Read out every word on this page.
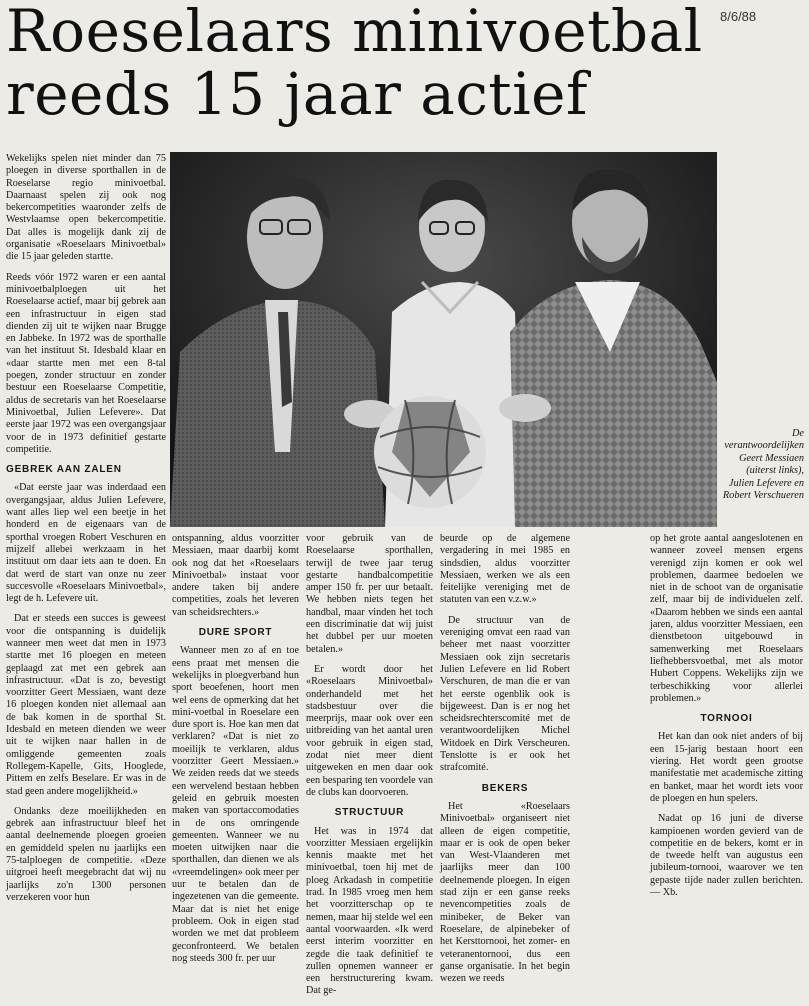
Roeselaars minivoetbal
reeds 15 jaar actief
8/6/88

Wekelijks spelen niet minder dan 75 ploegen in diverse sporthallen in de Roeselarse regio minivoetbal. Daarnaast spelen zij ook nog bekercompetities waaronder zelfs de Westvlaamse open bekercompetitie. Dat alles is mogelijk dank zij de organisatie «Roeselaars Minivoetbal» die 15 jaar geleden startte.

Reeds vóór 1972 waren er een aantal minivoetbalploegen uit het Roeselaarse actief, maar bij gebrek aan een infrastructuur in eigen stad dienden zij uit te wijken naar Brugge en Jabbeke. In 1972 was de sporthalle van het instituut St. Idesbald klaar en «daar startte men met een 8-tal poegen, zonder structuur en zonder bestuur een Roeselaarse Competitie, aldus de secretaris van het Roeselaarse Minivoetbal, Julien Lefevere». Dat eerste jaar 1972 was een overgangsjaar voor de in 1973 definitief gestarte competitie.

GEBREK AAN ZALEN

«Dat eerste jaar was inderdaad een overgangsjaar, aldus Julien Lefevere, want alles liep wel een beetje in het honderd en de eigenaars van de sporthal vroegen Robert Veschuren en mijzelf allebei werkzaam in het instituut om daar iets aan te doen. En dat werd de start van onze nu zeer succesvolle «Roeselaars Minivoetbal», legt de h. Lefevere uit.

Dat er steeds een succes is geweest voor die ontspanning is duidelijk wanneer men weet dat men in 1973 startte met 16 ploegen en meteen geplaagd zat met een gebrek aan infrastructuur. «Dat is zo, bevestigt voorzitter Geert Messiaen, want deze 16 ploegen konden niet allemaal aan de bak komen in de sporthal St. Idesbald en meteen dienden we weer uit te wijken naar hallen in de omliggende gemeenten zoals Rollegem-Kapelle, Gits, Hooglede, Pittem en zelfs Beselare. Er was in de stad geen andere mogelijkheid.»

Ondanks deze moeilijkheden en gebrek aan infrastructuur bleef het aantal deelnemende ploegen groeien en gemiddeld spelen nu jaarlijks een 75-talploegen de competitie. «Deze uitgroei heeft meegebracht dat wij nu jaarlijks zo'n 1300 personen verzekeren voor hun

De verantwoordelijken Geert Messiaen (uiterst links), Julien Lefevere en Robert Verschueren

ontspanning, aldus voorzitter Messiaen, maar daarbij komt ook nog dat het «Roeselaars Minivoetbal» instaat voor andere taken bij andere competities, zoals het leveren van scheidsrechters.»

DURE SPORT

Wanneer men zo af en toe eens praat met mensen die wekelijks in ploegverband hun sport beoefenen, hoort men wel eens de opmerking dat het mini-voetbal in Roeselare een dure sport is. Hoe kan men dat verklaren? «Dat is niet zo moeilijk te verklaren, aldus voorzitter Geert Messiaen.» We zeiden reeds dat we steeds een wervelend bestaan hebben geleid en gebruik moesten maken van sportaccomodaties in de ons omringende gemeenten. Wanneer we nu moeten uitwijken naar die sporthallen, dan dienen we als «vreemdelingen» ook meer per uur te betalen dan de ingezetenen van die gemeente. Maar dat is niet het enige probleem. Ook in eigen stad worden we met dat probleem geconfronteerd. We betalen nog steeds 300 fr. per uur

voor gebruik van de Roeselaarse sporthallen, terwijl de twee jaar terug gestarte handbalcompetitie amper 150 fr. per uur betaalt. We hebben niets tegen het handbal, maar vinden het toch een discriminatie dat wij juist het dubbel per uur moeten betalen.»

Er wordt door het «Roeselaars Minivoetbal» onderhandeld met het stadsbestuur over die meerprijs, maar ook over een uitbreiding van het aantal uren voor gebruik in eigen stad, zodat niet meer dient uitgeweken en men daar ook een besparing ten voordele van de clubs kan doorvoeren.

STRUCTUUR

Het was in 1974 dat voorzitter Messiaen ergelijkin kennis maakte met het minivoetbal, toen hij met de ploeg Arkadash in competitie trad. In 1985 vroeg men hem het voorzitterschap op te nemen, maar hij stelde wel een aantal voorwaarden. «Ik werd eerst interim voorzitter en zegde die taak definitief te zullen opnemen wanneer er een herstructurering kwam. Dat ge-

beurde op de algemene vergadering in mei 1985 en sindsdien, aldus voorzitter Messiaen, werken we als een feitelijke vereniging met de statuten van een v.z.w.»

De structuur van de vereniging omvat een raad van beheer met naast voorzitter Messiaen ook zijn secretaris Julien Lefevere en lid Robert Verschuren, de man die er van het eerste ogenblik ook is bijgeweest. Dan is er nog het scheidsrechterscomité met de verantwoordelijken Michel Witdoek en Dirk Verscheuren. Tenslotte is er ook het strafcomité.

BEKERS

Het «Roeselaars Minivoetbal» organiseert niet alleen de eigen competitie, maar er is ook de open beker van West-Vlaanderen met jaarlijks meer dan 100 deelnemende ploegen. In eigen stad zijn er een ganse reeks nevencompetities zoals de minibeker, de Beker van Roeselare, de alpinebeker of het Kersttornooi, het zomer- en veteranentornooi, dus een ganse organisatie. In het begin wezen we reeds

op het grote aantal aangeslotenen en wanneer zoveel mensen ergens verenigd zijn komen er ook wel problemen, daarmee bedoelen we niet in de schoot van de organisatie zelf, maar bij de individuelen zelf. «Daarom hebben we sinds een aantal jaren, aldus voorzitter Messiaen, een dienstbetoon uitgebouwd in samenwerking met Roeselaars liefhebbersvoetbal, met als motor Hubert Coppens. Wekelijks zijn we terbeschikking voor allerlei problemen.»

TORNOOI

Het kan dan ook niet anders of bij een 15-jarig bestaan hoort een viering. Het wordt geen grootse manifestatie met academische zitting en banket, maar het wordt iets voor de ploegen en hun spelers.

Nadat op 16 juni de diverse kampioenen worden gevierd van de competitie en de bekers, komt er in de tweede helft van augustus een jubileum-tornooi, waarover we ten gepaste tijde nader zullen berichten. — Xb.
